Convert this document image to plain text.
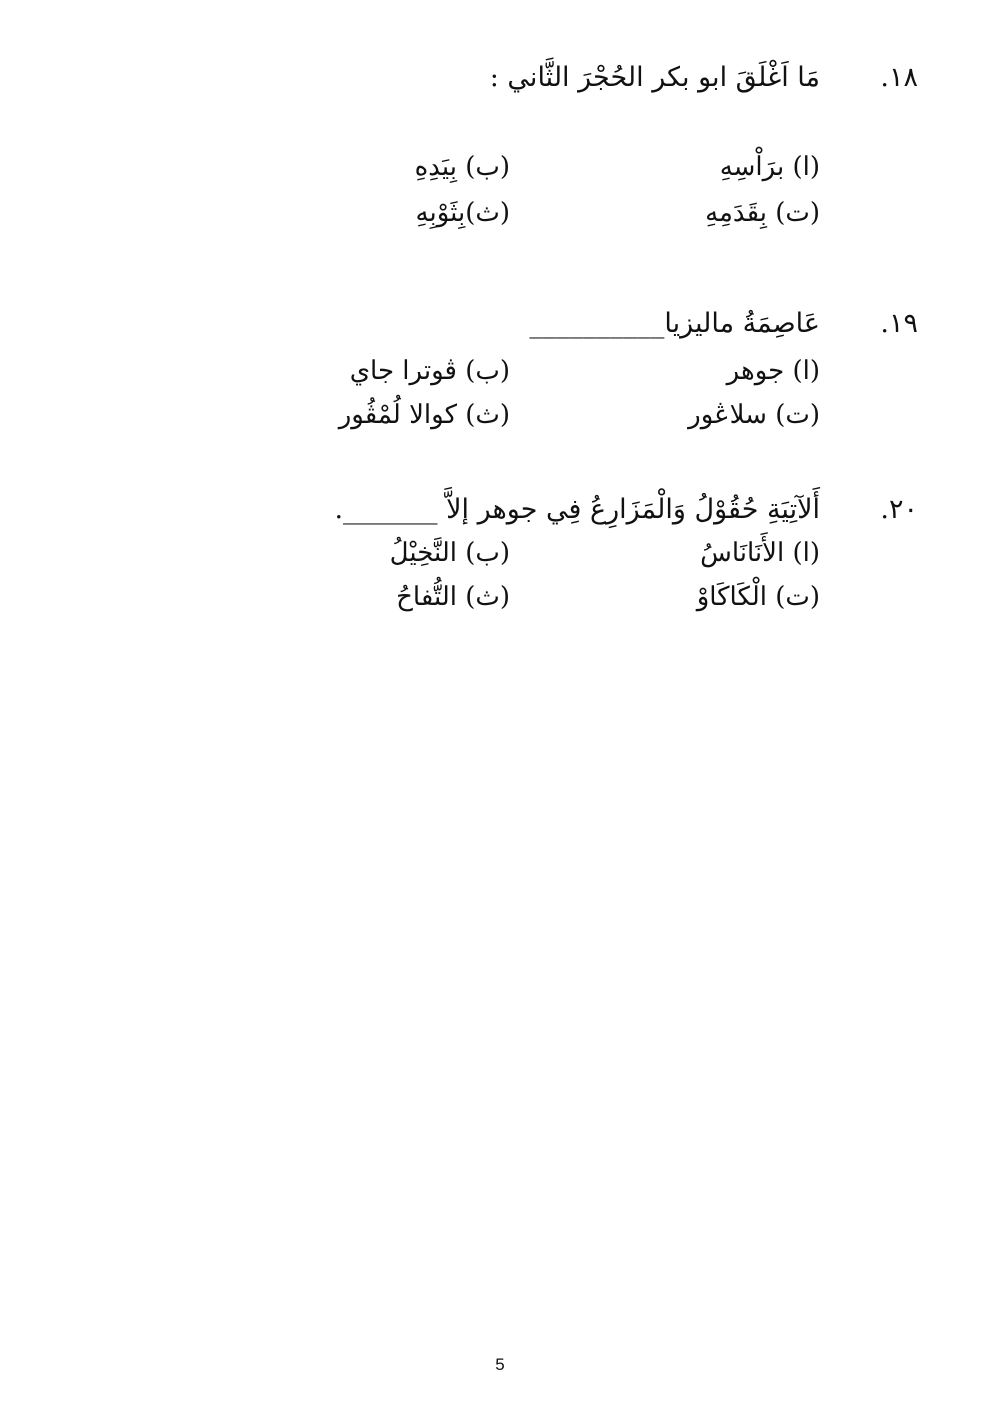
١٨.
مَا اَغْلَقَ ابو بكر الحُجْرَ الثَّاني :
(ا) برَاْسِهِ
(ب) بِيَدِهِ
(ت) بِقَدَمِهِ
(ث)بِثَوْبِهِ
١٩.
عَاصِمَةُ ماليزيا__________
(ا) جوهر
(ب) ڤوترا جاي
(ت) سلاڠور
(ث) كوالا لُمْڤُور
٢٠.
أَلآتِيَةِ حُقُوْلُ وَالْمَزَارِعُ فِي جوهر إلاَّ _______.
(ا) الأَنَانَاسُ
(ب) النَّخِيْلُ
(ت) الْكَاكَاوْ
(ث) التُّفاحُ
5
